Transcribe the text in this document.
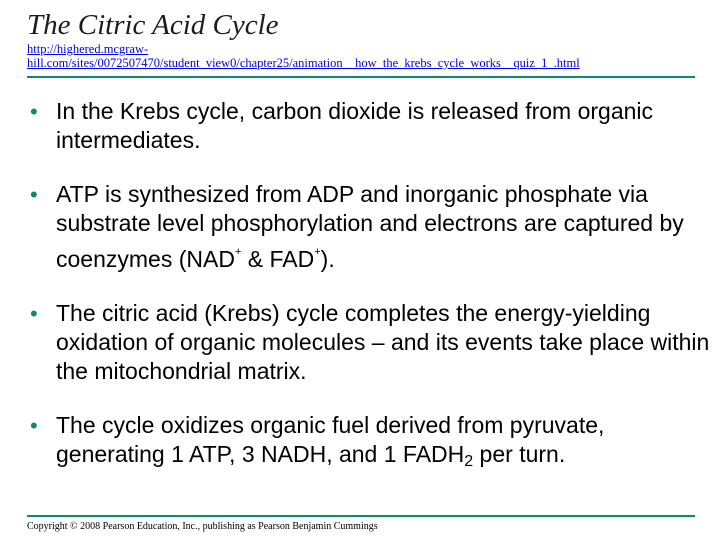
The Citric Acid Cycle
http://highered.mcgraw-
hill.com/sites/0072507470/student_view0/chapter25/animation__how_the_krebs_cycle_works__quiz_1_.html
• In the Krebs cycle, carbon dioxide is released from organic intermediates.
• ATP is synthesized from ADP and inorganic phosphate via substrate level phosphorylation and electrons are captured by coenzymes (NAD+ & FAD+).
• The citric acid (Krebs) cycle completes the energy-yielding oxidation of organic molecules – and its events take place within the mitochondrial matrix.
• The cycle oxidizes organic fuel derived from pyruvate, generating 1 ATP, 3 NADH, and 1 $FADH_2$ per turn.
Copyright © 2008 Pearson Education, Inc., publishing as Pearson Benjamin Cummings
